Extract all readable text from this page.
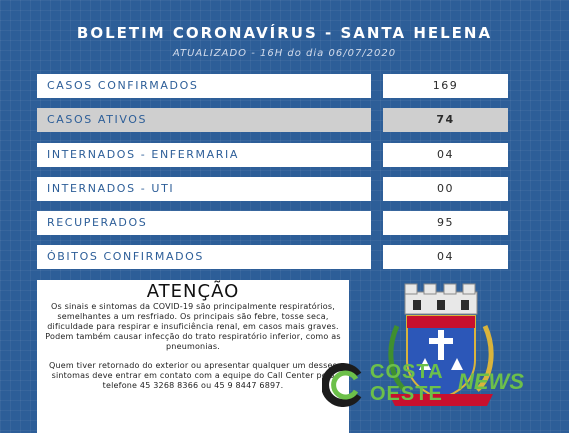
BOLETIM CORONAVÍRUS - SANTA HELENA
ATUALIZADO - 16H do dia 06/07/2020
CASOS CONFIRMADOS	169
CASOS ATIVOS	74
INTERNADOS - ENFERMARIA	04
INTERNADOS - UTI	00
RECUPERADOS	95
ÓBITOS CONFIRMADOS	04
ATENÇÃO

Os sinais e sintomas da COVID-19 são principalmente respiratórios, semelhantes a um resfriado. Os principais são febre, tosse seca, dificuldade para respirar e insuficiência renal, em casos mais graves. Podem também causar infecção do trato respiratório inferior, como as pneumonias.

Quem tiver retornado do exterior ou apresentar qualquer um desses sintomas deve entrar em contato com a equipe do Call Center pelo telefone 45 3268 8366 ou 45 9 8447 6897.

COSTA
OESTE NEWS
